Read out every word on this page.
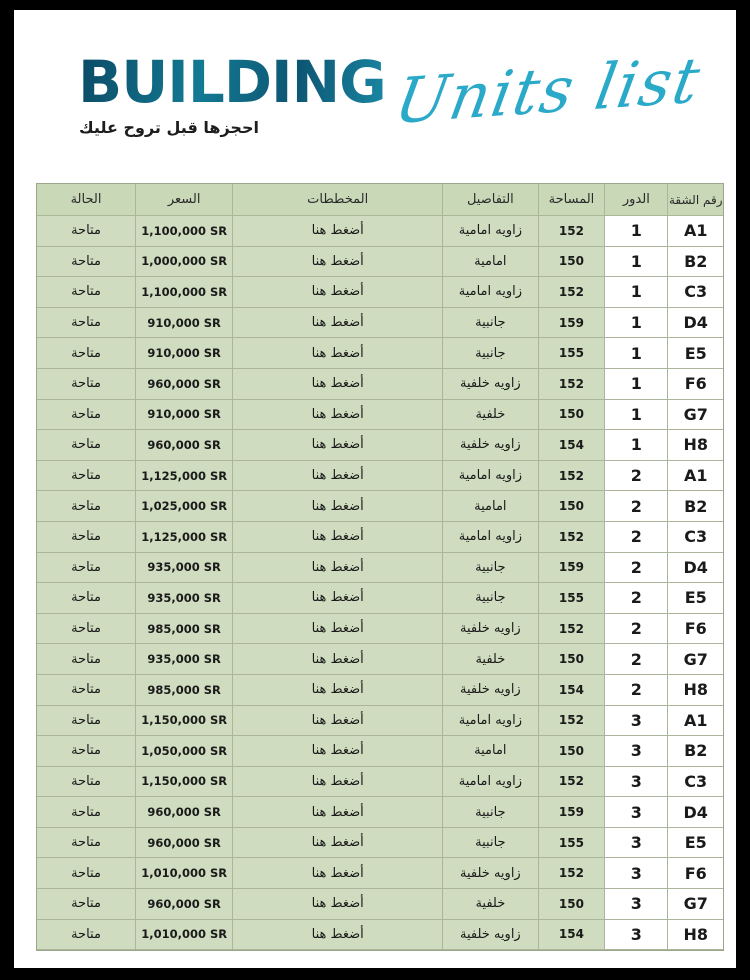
BUILDING
احجزها قبل تروح عليك Units list
الحالة	السعر	المخططات	التفاصيل	المساحة	الدور	رقم الشقة
متاحة	1,100,000 SR	أضغط هنا	زاويه امامية	152	1	A1
متاحة	1,000,000 SR	أضغط هنا	امامية	150	1	B2
متاحة	1,100,000 SR	أضغط هنا	زاويه امامية	152	1	C3
متاحة	910,000 SR	أضغط هنا	جانبية	159	1	D4
متاحة	910,000 SR	أضغط هنا	جانبية	155	1	E5
متاحة	960,000 SR	أضغط هنا	زاويه خلفية	152	1	F6
متاحة	910,000 SR	أضغط هنا	خلفية	150	1	G7
متاحة	960,000 SR	أضغط هنا	زاويه خلفية	154	1	H8
متاحة	1,125,000 SR	أضغط هنا	زاويه امامية	152	2	A1
متاحة	1,025,000 SR	أضغط هنا	امامية	150	2	B2
متاحة	1,125,000 SR	أضغط هنا	زاويه امامية	152	2	C3
متاحة	935,000 SR	أضغط هنا	جانبية	159	2	D4
متاحة	935,000 SR	أضغط هنا	جانبية	155	2	E5
متاحة	985,000 SR	أضغط هنا	زاويه خلفية	152	2	F6
متاحة	935,000 SR	أضغط هنا	خلفية	150	2	G7
متاحة	985,000 SR	أضغط هنا	زاويه خلفية	154	2	H8
متاحة	1,150,000 SR	أضغط هنا	زاويه امامية	152	3	A1
متاحة	1,050,000 SR	أضغط هنا	امامية	150	3	B2
متاحة	1,150,000 SR	أضغط هنا	زاويه امامية	152	3	C3
متاحة	960,000 SR	أضغط هنا	جانبية	159	3	D4
متاحة	960,000 SR	أضغط هنا	جانبية	155	3	E5
متاحة	1,010,000 SR	أضغط هنا	زاويه خلفية	152	3	F6
متاحة	960,000 SR	أضغط هنا	خلفية	150	3	G7
متاحة	1,010,000 SR	أضغط هنا	زاويه خلفية	154	3	H8
